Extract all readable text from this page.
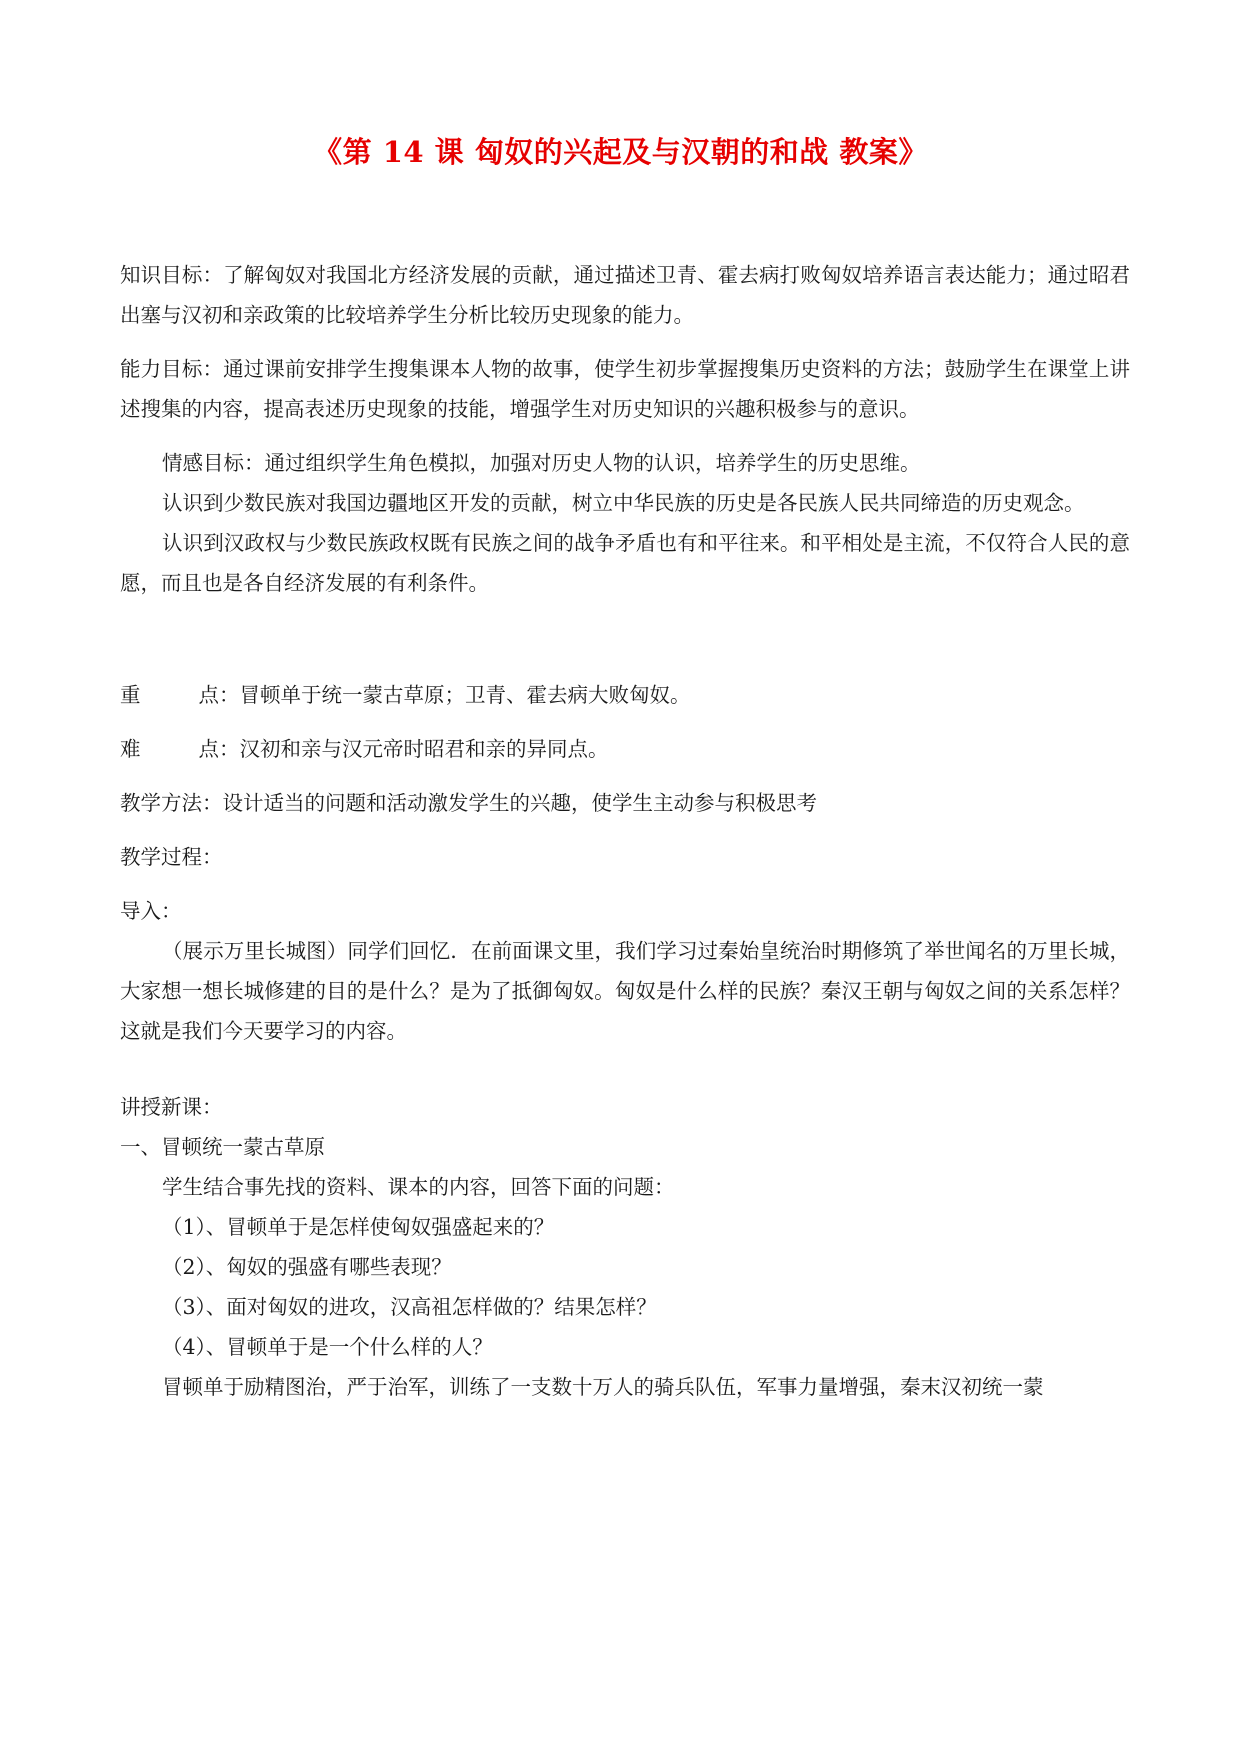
《第 14 课 匈奴的兴起及与汉朝的和战 教案》

知识目标：了解匈奴对我国北方经济发展的贡献，通过描述卫青、霍去病打败匈奴培养语言表达能力；通过昭君出塞与汉初和亲政策的比较培养学生分析比较历史现象的能力。

能力目标：通过课前安排学生搜集课本人物的故事，使学生初步掌握搜集历史资料的方法；鼓励学生在课堂上讲述搜集的内容，提高表述历史现象的技能，增强学生对历史知识的兴趣积极参与的意识。

情感目标：通过组织学生角色模拟，加强对历史人物的认识，培养学生的历史思维。

认识到少数民族对我国边疆地区开发的贡献，树立中华民族的历史是各民族人民共同缔造的历史观念。

认识到汉政权与少数民族政权既有民族之间的战争矛盾也有和平往来。和平相处是主流，不仅符合人民的意愿，而且也是各自经济发展的有利条件。

重	点：冒顿单于统一蒙古草原；卫青、霍去病大败匈奴。

难	点：汉初和亲与汉元帝时昭君和亲的异同点。

教学方法：设计适当的问题和活动激发学生的兴趣，使学生主动参与积极思考

教学过程：

导入：

（展示万里长城图）同学们回忆．在前面课文里，我们学习过秦始皇统治时期修筑了举世闻名的万里长城，大家想一想长城修建的目的是什么？是为了抵御匈奴。匈奴是什么样的民族？秦汉王朝与匈奴之间的关系怎样？这就是我们今天要学习的内容。

讲授新课：

一、冒顿统一蒙古草原

学生结合事先找的资料、课本的内容，回答下面的问题：

（1）、冒顿单于是怎样使匈奴强盛起来的？

（2）、匈奴的强盛有哪些表现？

（3）、面对匈奴的进攻，汉高祖怎样做的？结果怎样？

（4）、冒顿单于是一个什么样的人？

冒顿单于励精图治，严于治军，训练了一支数十万人的骑兵队伍，军事力量增强，秦末汉初统一蒙
